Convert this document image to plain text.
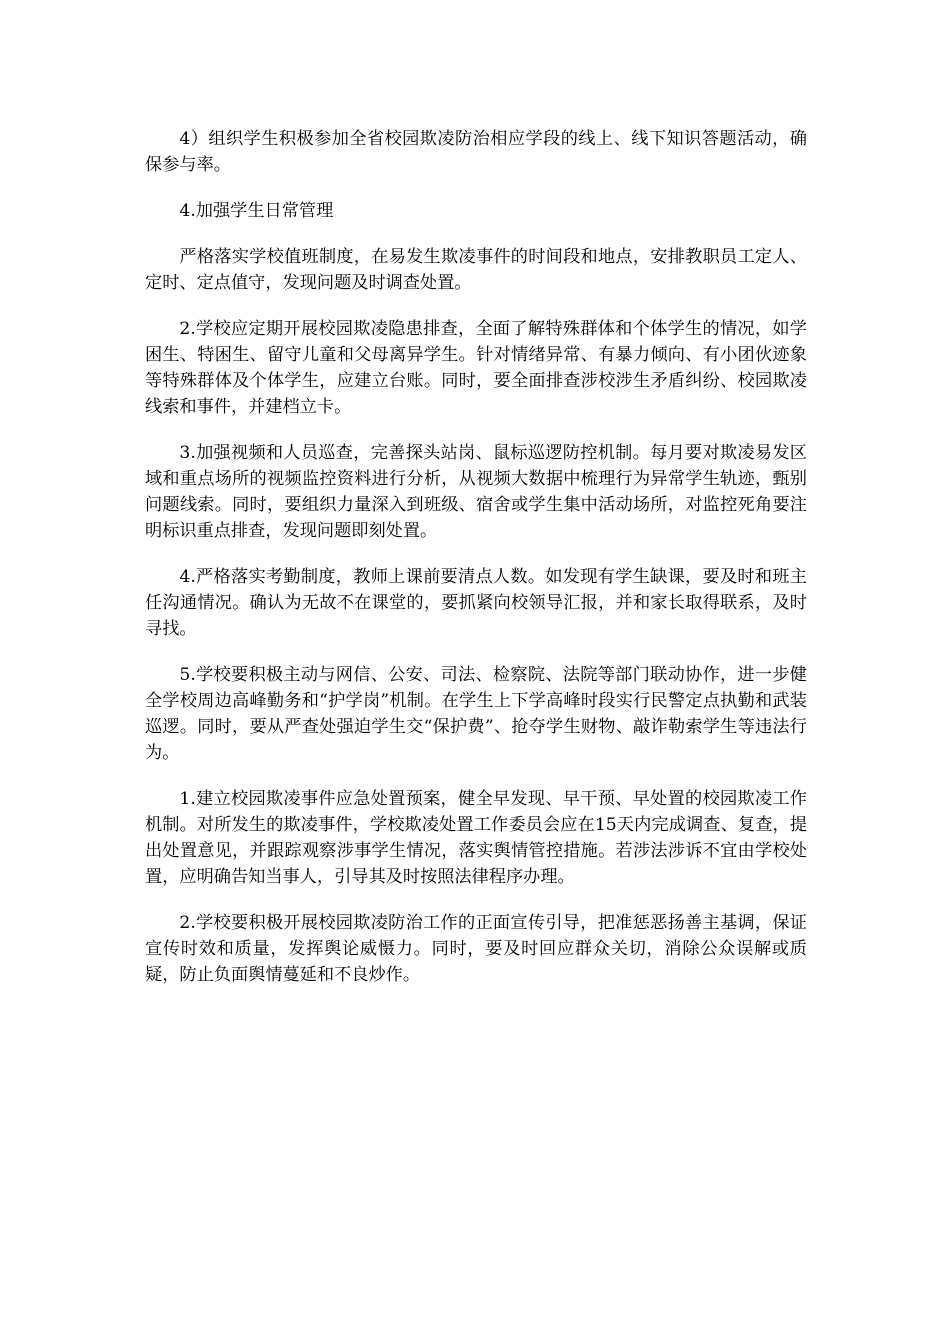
4）组织学生积极参加全省校园欺凌防治相应学段的线上、线下知识答题活动，确保参与率。

4.加强学生日常管理

严格落实学校值班制度，在易发生欺凌事件的时间段和地点，安排教职员工定人、定时、定点值守，发现问题及时调查处置。

2.学校应定期开展校园欺凌隐患排查，全面了解特殊群体和个体学生的情况，如学困生、特困生、留守儿童和父母离异学生。针对情绪异常、有暴力倾向、有小团伙迹象等特殊群体及个体学生，应建立台账。同时，要全面排查涉校涉生矛盾纠纷、校园欺凌线索和事件，并建档立卡。

3.加强视频和人员巡查，完善探头站岗、鼠标巡逻防控机制。每月要对欺凌易发区域和重点场所的视频监控资料进行分析，从视频大数据中梳理行为异常学生轨迹，甄别问题线索。同时，要组织力量深入到班级、宿舍或学生集中活动场所，对监控死角要注明标识重点排查，发现问题即刻处置。

4.严格落实考勤制度，教师上课前要清点人数。如发现有学生缺课，要及时和班主任沟通情况。确认为无故不在课堂的，要抓紧向校领导汇报，并和家长取得联系，及时寻找。

5.学校要积极主动与网信、公安、司法、检察院、法院等部门联动协作，进一步健全学校周边高峰勤务和“护学岗”机制。在学生上下学高峰时段实行民警定点执勤和武装巡逻。同时，要从严查处强迫学生交“保护费”、抢夺学生财物、敲诈勒索学生等违法行为。

1.建立校园欺凌事件应急处置预案，健全早发现、早干预、早处置的校园欺凌工作机制。对所发生的欺凌事件，学校欺凌处置工作委员会应在15天内完成调查、复查，提出处置意见，并跟踪观察涉事学生情况，落实舆情管控措施。若涉法涉诉不宜由学校处置，应明确告知当事人，引导其及时按照法律程序办理。

2.学校要积极开展校园欺凌防治工作的正面宣传引导，把准惩恶扬善主基调，保证宣传时效和质量，发挥舆论威慑力。同时，要及时回应群众关切，消除公众误解或质疑，防止负面舆情蔓延和不良炒作。
